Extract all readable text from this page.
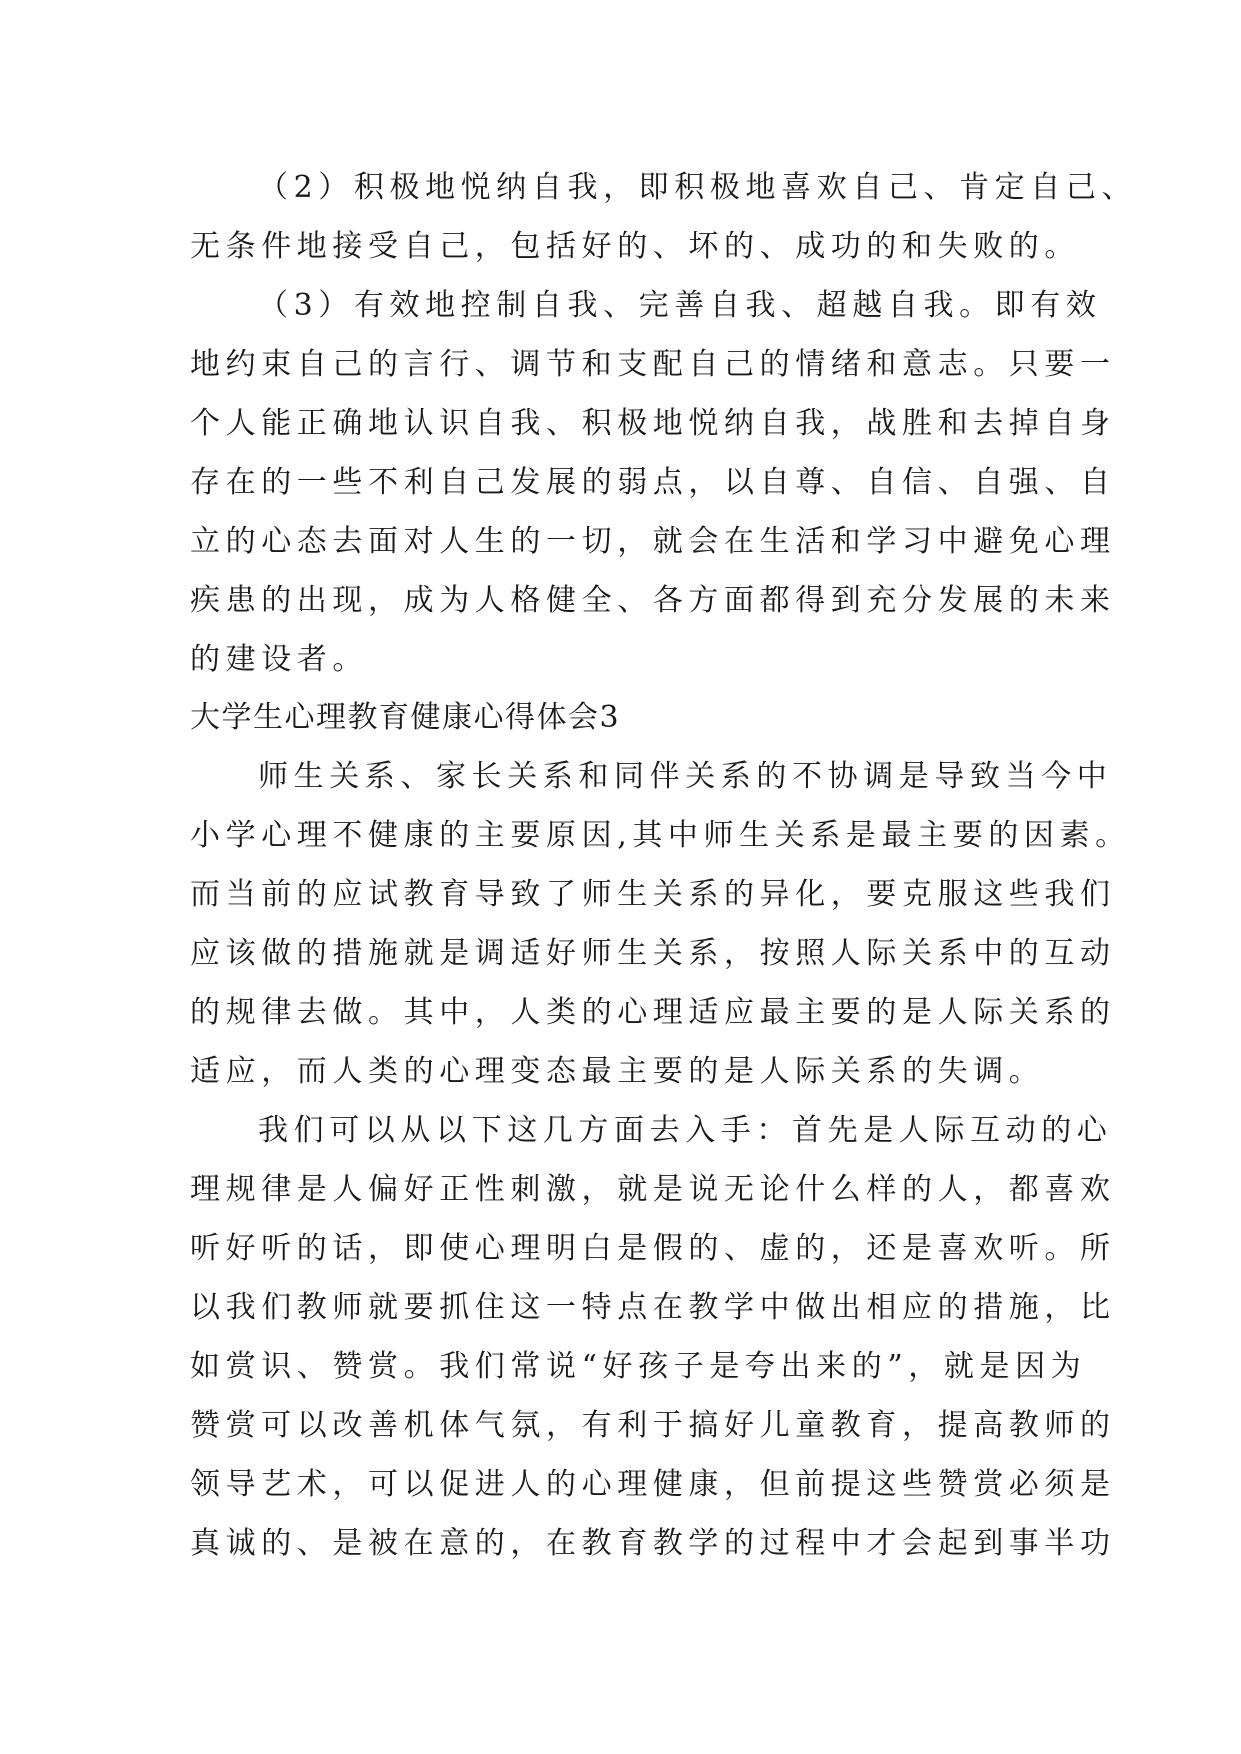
（2）积极地悦纳自我，即积极地喜欢自己、肯定自己、
无条件地接受自己，包括好的、坏的、成功的和失败的。
（3）有效地控制自我、完善自我、超越自我。即有效
地约束自己的言行、调节和支配自己的情绪和意志。只要一
个人能正确地认识自我、积极地悦纳自我，战胜和去掉自身
存在的一些不利自己发展的弱点，以自尊、自信、自强、自
立的心态去面对人生的一切，就会在生活和学习中避免心理
疾患的出现，成为人格健全、各方面都得到充分发展的未来
的建设者。
大学生心理教育健康心得体会3
师生关系、家长关系和同伴关系的不协调是导致当今中
小学心理不健康的主要原因,其中师生关系是最主要的因素。
而当前的应试教育导致了师生关系的异化，要克服这些我们
应该做的措施就是调适好师生关系，按照人际关系中的互动
的规律去做。其中，人类的心理适应最主要的是人际关系的
适应，而人类的心理变态最主要的是人际关系的失调。
我们可以从以下这几方面去入手：首先是人际互动的心
理规律是人偏好正性刺激，就是说无论什么样的人，都喜欢
听好听的话，即使心理明白是假的、虚的，还是喜欢听。所
以我们教师就要抓住这一特点在教学中做出相应的措施，比
如赏识、赞赏。我们常说“好孩子是夸出来的”，就是因为
赞赏可以改善机体气氛，有利于搞好儿童教育，提高教师的
领导艺术，可以促进人的心理健康，但前提这些赞赏必须是
真诚的、是被在意的，在教育教学的过程中才会起到事半功
